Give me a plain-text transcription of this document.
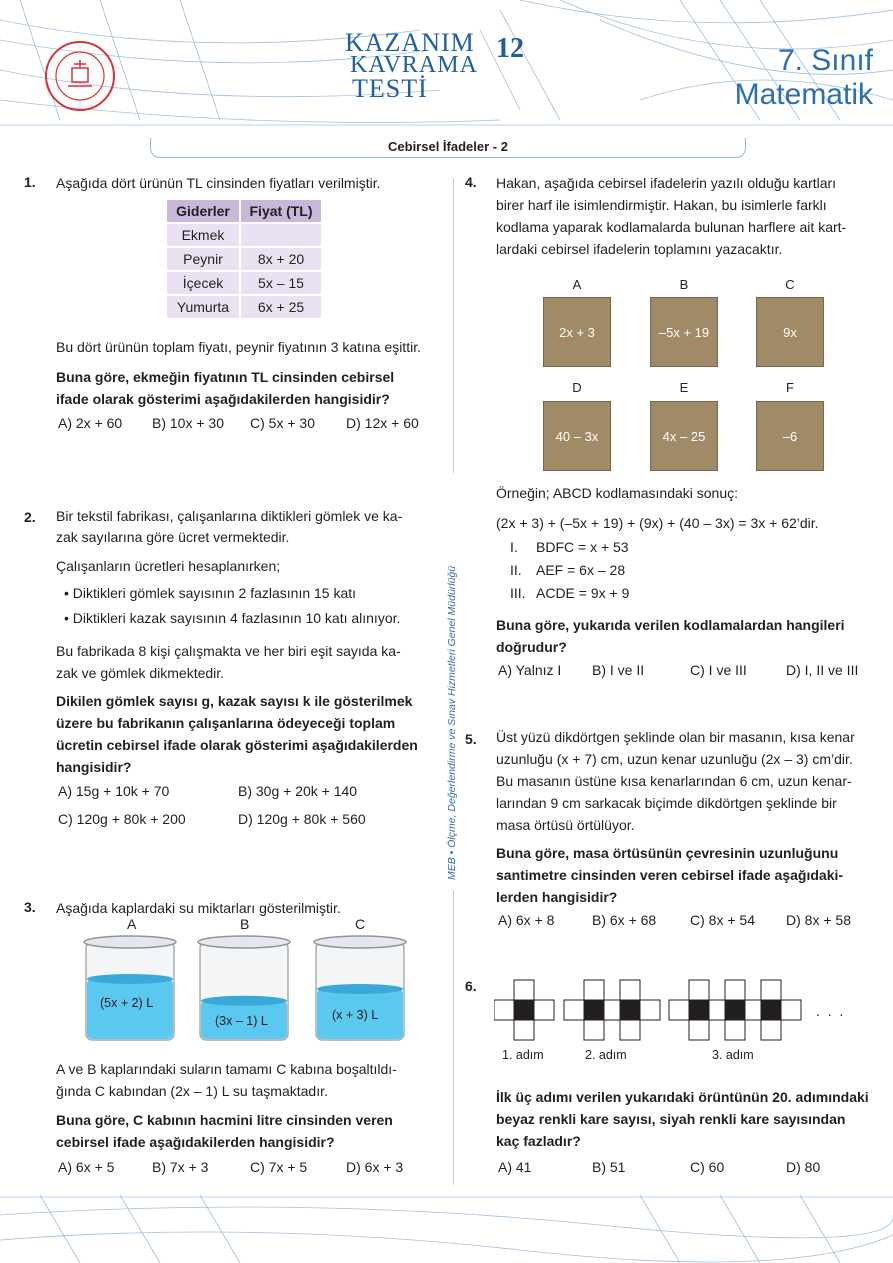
KAZANIM
KAVRAMA
TESTİ
12	7. Sınıf
Matematik
Cebirsel İfadeler - 2
MEB • Ölçme, Değerlendirme ve Sınav Hizmetleri Genel Müdürlüğü
1. Aşağıda dört ürünün TL cinsinden fiyatları verilmiştir.
Giderler	Fiyat (TL)
Ekmek	
Peynir	8x + 20
İçecek	5x – 15
Yumurta	6x + 25
Bu dört ürünün toplam fiyatı, peynir fiyatının 3 katına eşittir.
Buna göre, ekmeğin fiyatının TL cinsinden cebirsel
ifade olarak gösterimi aşağıdakilerden hangisidir?
A) 2x + 60 B) 10x + 30 C) 5x + 30 D) 12x + 60
2. Bir tekstil fabrikası, çalışanlarına diktikleri gömlek ve ka-
zak sayılarına göre ücret vermektedir.
Çalışanların ücretleri hesaplanırken;
• Diktikleri gömlek sayısının 2 fazlasının 15 katı
• Diktikleri kazak sayısının 4 fazlasının 10 katı alınıyor.
Bu fabrikada 8 kişi çalışmakta ve her biri eşit sayıda ka-
zak ve gömlek dikmektedir.
Dikilen gömlek sayısı g, kazak sayısı k ile gösterilmek
üzere bu fabrikanın çalışanlarına ödeyeceği toplam
ücretin cebirsel ifade olarak gösterimi aşağıdakilerden
hangisidir?
A) 15g + 10k + 70	B) 30g + 20k + 140
C) 120g + 80k + 200	D) 120g + 80k + 560
3. Aşağıda kaplardaki su miktarları gösterilmiştir.
A	B	C
(5x + 2) L
(3x – 1) L	(x + 3) L
A ve B kaplarındaki suların tamamı C kabına boşaltıldı-
ğında C kabından (2x – 1) L su taşmaktadır.
Buna göre, C kabının hacmini litre cinsinden veren
cebirsel ifade aşağıdakilerden hangisidir?
A) 6x + 5	B) 7x + 3	C) 7x + 5	D) 6x + 3
4. Hakan, aşağıda cebirsel ifadelerin yazılı olduğu kartları
birer harf ile isimlendirmiştir. Hakan, bu isimlerle farklı
kodlama yaparak kodlamalarda bulunan harflere ait kart-
lardaki cebirsel ifadelerin toplamını yazacaktır.
A	B	C
2x + 3	–5x + 19	9x
D	E	F
40 – 3x	4x – 25	–6
Örneğin; ABCD kodlamasındaki sonuç:
(2x + 3) + (–5x + 19) + (9x) + (40 – 3x) = 3x + 62’dir.
I. BDFC = x + 53
II. AEF = 6x – 28
III. ACDE = 9x + 9
Buna göre, yukarıda verilen kodlamalardan hangileri
doğrudur?
A) Yalnız I B) I ve II	C) I ve III	D) I, II ve III
5. Üst yüzü dikdörtgen şeklinde olan bir masanın, kısa kenar
uzunluğu (x + 7) cm, uzun kenar uzunluğu (2x – 3) cm’dir.
Bu masanın üstüne kısa kenarlarından 6 cm, uzun kenar-
larından 9 cm sarkacak biçimde dikdörtgen şeklinde bir
masa örtüsü örtülüyor.
Buna göre, masa örtüsünün çevresinin uzunluğunu
santimetre cinsinden veren cebirsel ifade aşağıdaki-
lerden hangisidir?
A) 6x + 8	B) 6x + 68 C) 8x + 54 D) 8x + 58
6.
. . .
1. adım	2. adım	3. adım
İlk üç adımı verilen yukarıdaki örüntünün 20. adımındaki
beyaz renkli kare sayısı, siyah renkli kare sayısından
kaç fazladır?
A) 41	B) 51	C) 60	D) 80
